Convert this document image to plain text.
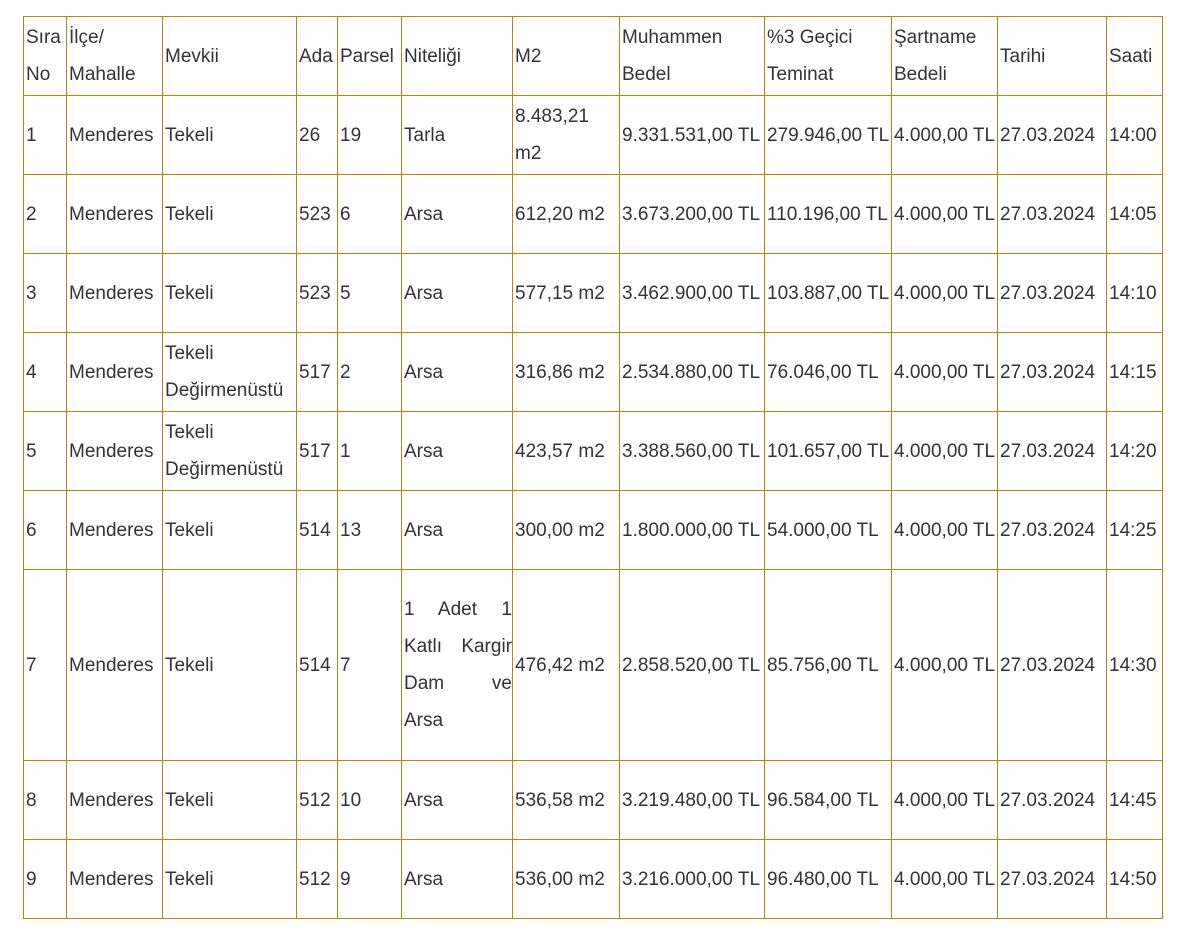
Sıra No	İlçe/ Mahalle	Mevkii	Ada	Parsel	Niteliği	M2	Muhammen Bedel	%3 Geçici Teminat	Şartname Bedeli	Tarihi	Saati
1	Menderes	Tekeli	26	19	Tarla	8.483,21 m2	9.331.531,00 TL	279.946,00 TL	4.000,00 TL	27.03.2024	14:00
2	Menderes	Tekeli	523	6	Arsa	612,20 m2	3.673.200,00 TL	110.196,00 TL	4.000,00 TL	27.03.2024	14:05
3	Menderes	Tekeli	523	5	Arsa	577,15 m2	3.462.900,00 TL	103.887,00 TL	4.000,00 TL	27.03.2024	14:10
4	Menderes	Tekeli Değirmenüstü	517	2	Arsa	316,86 m2	2.534.880,00 TL	76.046,00 TL	4.000,00 TL	27.03.2024	14:15
5	Menderes	Tekeli Değirmenüstü	517	1	Arsa	423,57 m2	3.388.560,00 TL	101.657,00 TL	4.000,00 TL	27.03.2024	14:20
6	Menderes	Tekeli	514	13	Arsa	300,00 m2	1.800.000,00 TL	54.000,00 TL	4.000,00 TL	27.03.2024	14:25
7	Menderes	Tekeli	514	7	1 Adet 1 Katlı Kargir Dam ve Arsa	476,42 m2	2.858.520,00 TL	85.756,00 TL	4.000,00 TL	27.03.2024	14:30
8	Menderes	Tekeli	512	10	Arsa	536,58 m2	3.219.480,00 TL	96.584,00 TL	4.000,00 TL	27.03.2024	14:45
9	Menderes	Tekeli	512	9	Arsa	536,00 m2	3.216.000,00 TL	96.480,00 TL	4.000,00 TL	27.03.2024	14:50
